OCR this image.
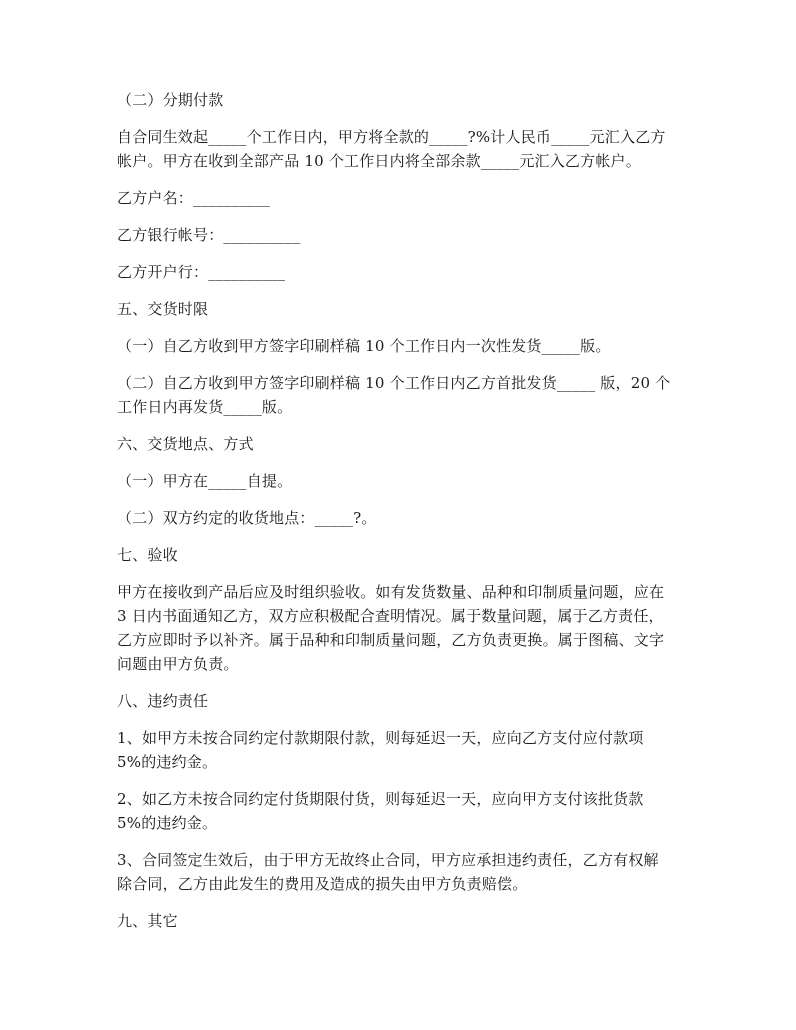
（二）分期付款

自合同生效起_____个工作日内，甲方将全款的_____?%计人民币_____元汇入乙方
帐户。甲方在收到全部产品 10 个工作日内将全部余款_____元汇入乙方帐户。

乙方户名：__________

乙方银行帐号：__________

乙方开户行：__________

五、交货时限

（一）自乙方收到甲方签字印刷样稿 10 个工作日内一次性发货_____版。

（二）自乙方收到甲方签字印刷样稿 10 个工作日内乙方首批发货_____ 版，20 个
工作日内再发货_____版。

六、交货地点、方式

（一）甲方在_____自提。

（二）双方约定的收货地点：_____?。

七、验收

甲方在接收到产品后应及时组织验收。如有发货数量、品种和印制质量问题，应在
3 日内书面通知乙方，双方应积极配合查明情况。属于数量问题，属于乙方责任，
乙方应即时予以补齐。属于品种和印制质量问题，乙方负责更换。属于图稿、文字
问题由甲方负责。

八、违约责任

1、如甲方未按合同约定付款期限付款，则每延迟一天，应向乙方支付应付款项
5%的违约金。

2、如乙方未按合同约定付货期限付货，则每延迟一天，应向甲方支付该批货款
5%的违约金。

3、合同签定生效后，由于甲方无故终止合同，甲方应承担违约责任，乙方有权解
除合同，乙方由此发生的费用及造成的损失由甲方负责赔偿。

九、其它
